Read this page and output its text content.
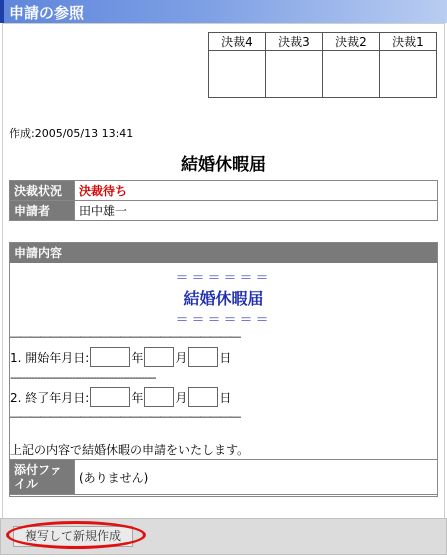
申請の参照
決裁4	決裁3	決裁2	決裁1

作成:2005/05/13 13:41
結婚休暇届
決裁状況	決裁待ち
申請者	田中雄一
申請内容
＝＝＝＝＝＝
結婚休暇届
＝＝＝＝＝＝
―――――――――――――――――――――――
1. 開始年月日:	年	月	日
-------------------------------------------------
2. 終了年月日:	年	月	日
―――――――――――――――――――――――
上記の内容で結婚休暇の申請をいたします。
添付ファイル	(ありません)
複写して新規作成
